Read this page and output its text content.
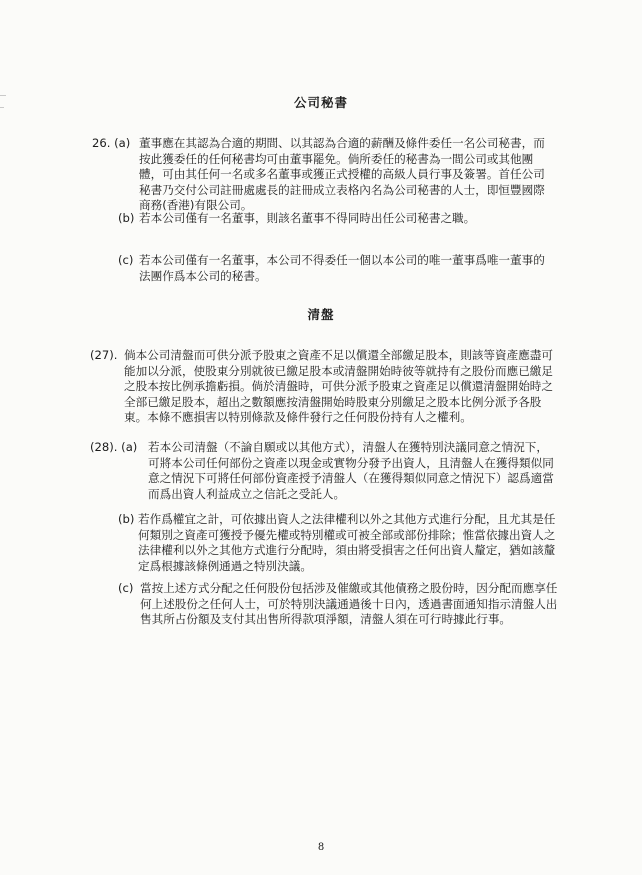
公司秘書
26. (a) 董事應在其認為合適的期間、以其認為合適的薪酬及條件委任一名公司秘書，而按此獲委任的任何秘書均可由董事罷免。倘所委任的秘書為一間公司或其他團體，可由其任何一名或多名董事或獲正式授權的高級人員行事及簽署。首任公司秘書乃交付公司註冊處處長的註冊成立表格內名為公司秘書的人士，即恒豐國際商務(香港)有限公司。
(b) 若本公司僅有一名董事，則該名董事不得同時出任公司秘書之職。
(c) 若本公司僅有一名董事，本公司不得委任一個以本公司的唯一董事爲唯一董事的法團作爲本公司的秘書。
清盤
(27). 倘本公司清盤而可供分派予股東之資產不足以償還全部繳足股本，則該等資產應盡可能加以分派，使股東分別就彼已繳足股本或清盤開始時彼等就持有之股份而應已繳足之股本按比例承擔虧損。倘於清盤時，可供分派予股東之資產足以償還清盤開始時之全部已繳足股本，超出之數額應按清盤開始時股東分別繳足之股本比例分派予各股東。本條不應損害以特別條款及條件發行之任何股份持有人之權利。
(28). (a) 若本公司清盤（不論自願或以其他方式），清盤人在獲特別決議同意之情況下，可將本公司任何部份之資產以現金或實物分發予出資人，且清盤人在獲得類似同意之情況下可將任何部份資產授予清盤人（在獲得類似同意之情況下）認爲適當而爲出資人利益成立之信託之受託人。
(b) 若作爲權宜之計，可依據出資人之法律權利以外之其他方式進行分配，且尤其是任何類別之資產可獲授予優先權或特別權或可被全部或部份排除；惟當依據出資人之法律權利以外之其他方式進行分配時，須由將受損害之任何出資人釐定，猶如該釐定爲根據該條例通過之特別決議。
(c) 當按上述方式分配之任何股份包括涉及催繳或其他債務之股份時，因分配而應享任何上述股份之任何人士，可於特別決議通過後十日內，透過書面通知指示清盤人出售其所占份額及支付其出售所得款項淨額，清盤人須在可行時據此行事。
8
